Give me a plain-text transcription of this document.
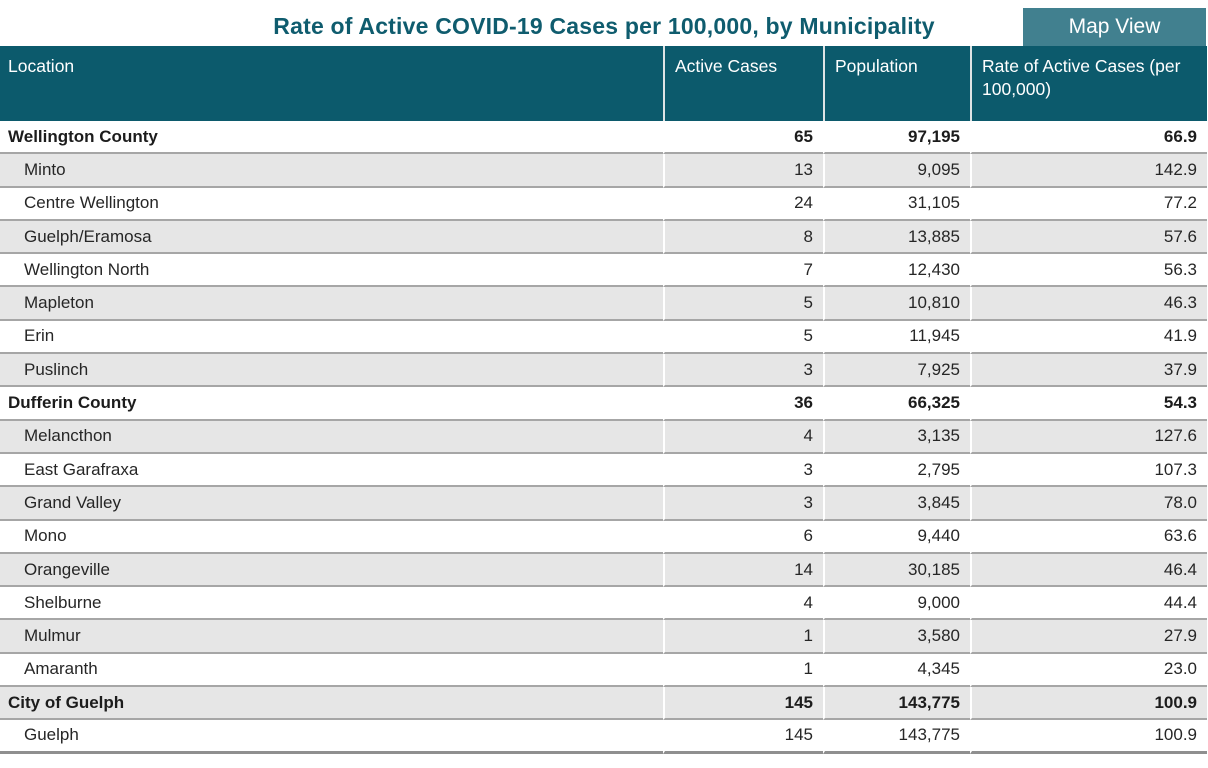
Rate of Active COVID-19 Cases per 100,000, by Municipality	Map View
Location	Active Cases	Population	Rate of Active Cases (per 100,000)
Wellington County	65	97,195	66.9
Minto	13	9,095	142.9
Centre Wellington	24	31,105	77.2
Guelph/Eramosa	8	13,885	57.6
Wellington North	7	12,430	56.3
Mapleton	5	10,810	46.3
Erin	5	11,945	41.9
Puslinch	3	7,925	37.9
Dufferin County	36	66,325	54.3
Melancthon	4	3,135	127.6
East Garafraxa	3	2,795	107.3
Grand Valley	3	3,845	78.0
Mono	6	9,440	63.6
Orangeville	14	30,185	46.4
Shelburne	4	9,000	44.4
Mulmur	1	3,580	27.9
Amaranth	1	4,345	23.0
City of Guelph	145	143,775	100.9
Guelph	145	143,775	100.9
